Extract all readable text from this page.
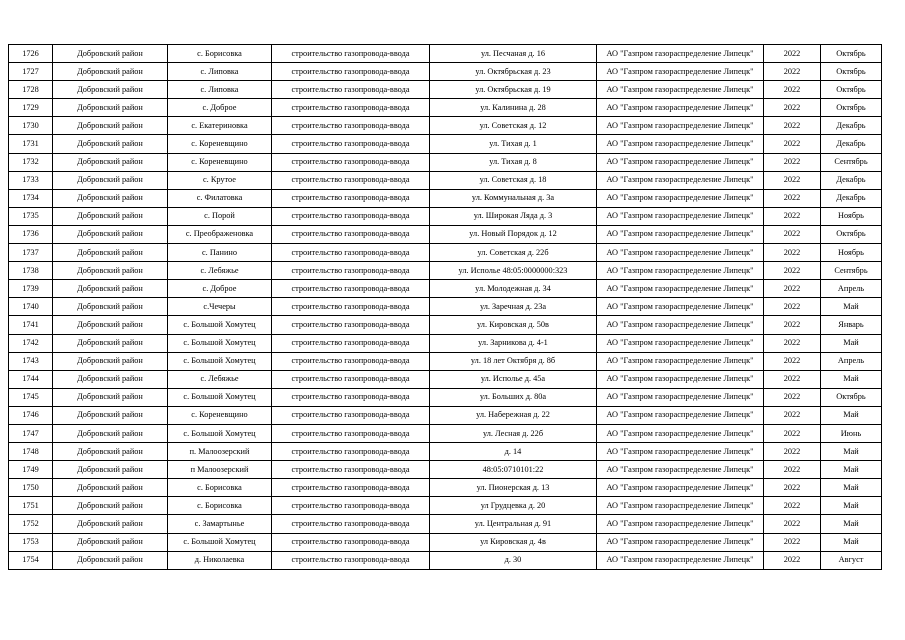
1726	Добровский район	с. Борисовка	строительство газопровода-ввода	ул. Песчаная д. 16	АО "Газпром газораспределение Липецк"	2022	Октябрь
1727	Добровский район	с. Липовка	строительство газопровода-ввода	ул. Октябрьская д. 23	АО "Газпром газораспределение Липецк"	2022	Октябрь
1728	Добровский район	с. Липовка	строительство газопровода-ввода	ул. Октябрьская д. 19	АО "Газпром газораспределение Липецк"	2022	Октябрь
1729	Добровский район	с. Доброе	строительство газопровода-ввода	ул. Калинина д. 28	АО "Газпром газораспределение Липецк"	2022	Октябрь
1730	Добровский район	с. Екатериновка	строительство газопровода-ввода	ул. Советская д. 12	АО "Газпром газораспределение Липецк"	2022	Декабрь
1731	Добровский район	с. Кореневщино	строительство газопровода-ввода	ул. Тихая д. 1	АО "Газпром газораспределение Липецк"	2022	Декабрь
1732	Добровский район	с. Кореневщино	строительство газопровода-ввода	ул. Тихая д. 8	АО "Газпром газораспределение Липецк"	2022	Сентябрь
1733	Добровский район	с. Крутое	строительство газопровода-ввода	ул. Советская д. 18	АО "Газпром газораспределение Липецк"	2022	Декабрь
1734	Добровский район	с. Филатовка	строительство газопровода-ввода	ул. Коммунальная д. 3а	АО "Газпром газораспределение Липецк"	2022	Декабрь
1735	Добровский район	с. Порой	строительство газопровода-ввода	ул. Широкая Ляда д. 3	АО "Газпром газораспределение Липецк"	2022	Ноябрь
1736	Добровский район	с. Преображеновка	строительство газопровода-ввода	ул. Новый Порядок д. 12	АО "Газпром газораспределение Липецк"	2022	Октябрь
1737	Добровский район	с. Панино	строительство газопровода-ввода	ул. Советская д. 22б	АО "Газпром газораспределение Липецк"	2022	Ноябрь
1738	Добровский район	с. Лебяжье	строительство газопровода-ввода	ул. Исполье 48:05:0000000:323	АО "Газпром газораспределение Липецк"	2022	Сентябрь
1739	Добровский район	с. Доброе	строительство газопровода-ввода	ул. Молодежная д. 34	АО "Газпром газораспределение Липецк"	2022	Апрель
1740	Добровский район	с.Чечеры	строительство газопровода-ввода	ул. Заречная д. 23а	АО "Газпром газораспределение Липецк"	2022	Май
1741	Добровский район	с. Большой Хомутец	строительство газопровода-ввода	ул. Кировская д. 50в	АО "Газпром газораспределение Липецк"	2022	Январь
1742	Добровский район	с. Большой Хомутец	строительство газопровода-ввода	ул. Зарникова д. 4-1	АО "Газпром газораспределение Липецк"	2022	Май
1743	Добровский район	с. Большой Хомутец	строительство газопровода-ввода	ул. 18 лет Октября д. 8б	АО "Газпром газораспределение Липецк"	2022	Апрель
1744	Добровский район	с. Лебяжье	строительство газопровода-ввода	ул. Исполье д. 45а	АО "Газпром газораспределение Липецк"	2022	Май
1745	Добровский район	с. Большой Хомутец	строительство газопровода-ввода	ул. Больших д. 80а	АО "Газпром газораспределение Липецк"	2022	Октябрь
1746	Добровский район	с. Кореневщино	строительство газопровода-ввода	ул. Набережная д. 22	АО "Газпром газораспределение Липецк"	2022	Май
1747	Добровский район	с. Большой Хомутец	строительство газопровода-ввода	ул. Лесная д. 22б	АО "Газпром газораспределение Липецк"	2022	Июнь
1748	Добровский район	п. Малоозерский	строительство газопровода-ввода	д. 14	АО "Газпром газораспределение Липецк"	2022	Май
1749	Добровский район	п Малоозерский	строительство газопровода-ввода	48:05:0710101:22	АО "Газпром газораспределение Липецк"	2022	Май
1750	Добровский район	с. Борисовка	строительство газопровода-ввода	ул. Пионерская д. 13	АО "Газпром газораспределение Липецк"	2022	Май
1751	Добровский район	с. Борисовка	строительство газопровода-ввода	ул Грудцевка д. 20	АО "Газпром газораспределение Липецк"	2022	Май
1752	Добровский район	с. Замартынье	строительство газопровода-ввода	ул. Центральная д. 91	АО "Газпром газораспределение Липецк"	2022	Май
1753	Добровский район	с. Большой Хомутец	строительство газопровода-ввода	ул Кировская д. 4в	АО "Газпром газораспределение Липецк"	2022	Май
1754	Добровский район	д. Николаевка	строительство газопровода-ввода	д. 30	АО "Газпром газораспределение Липецк"	2022	Август
